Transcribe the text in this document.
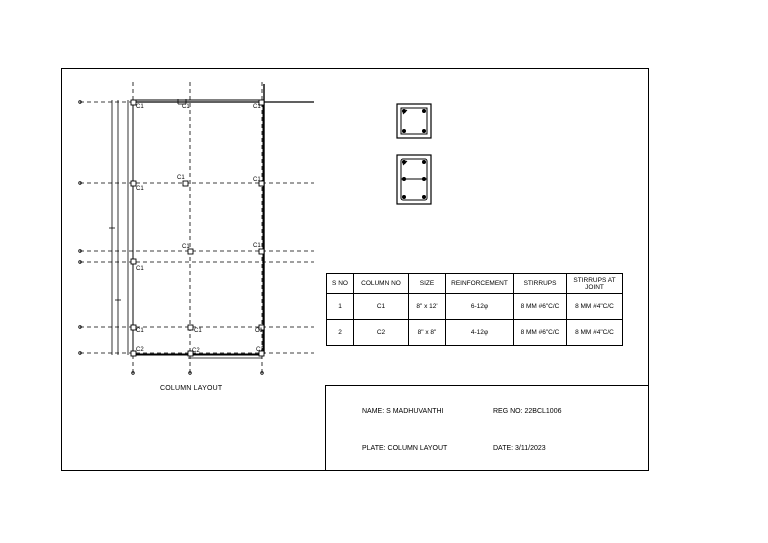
C1	C1	C1
C1
C1	C1
C1	C1
C1
C1	C1	C1
C2	C2	C2
COLUMN LAYOUT
S NO	COLUMN NO	SIZE	REINFORCEMENT	STIRRUPS	STIRRUPS AT JOINT
1	C1	8" x 12'	6-12φ	8 MM #6"C/C	8 MM #4"C/C
2	C2	8" x 8"	4-12φ	8 MM #6"C/C	8 MM #4"C/C
NAME: S MADHUVANTHI	REG NO: 22BCL1006
PLATE: COLUMN LAYOUT	DATE: 3/11/2023
